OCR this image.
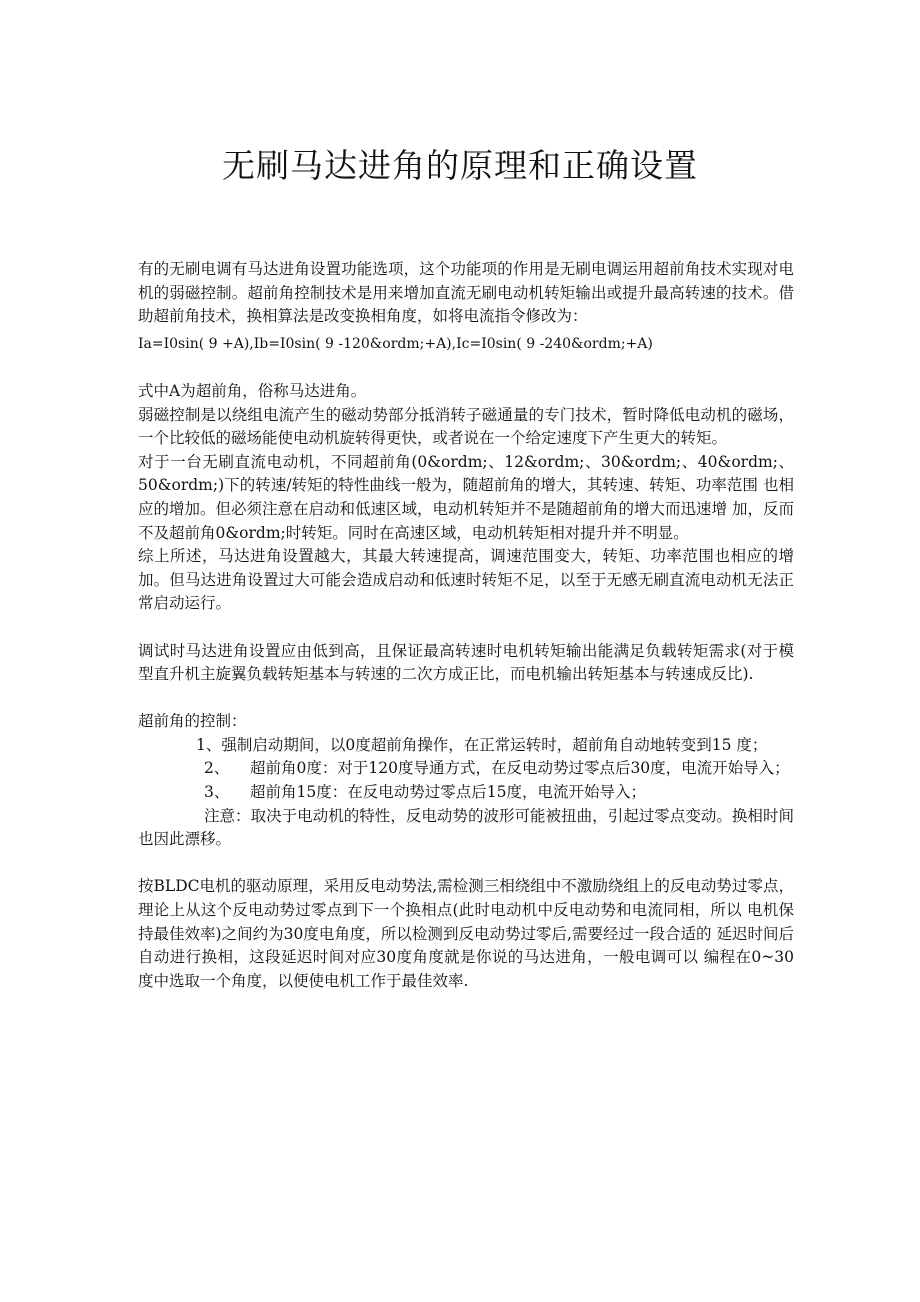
无刷马达进角的原理和正确设置

有的无刷电调有马达进角设置功能选项，这个功能项的作用是无刷电调运用超前角技术实现对电机的弱磁控制。超前角控制技术是用来增加直流无刷电动机转矩输出或提升最高转速的技术。借助超前角技术，换相算法是改变换相角度，如将电流指令修改为：

Ia=I0sin( 9 +A),Ib=I0sin( 9 -120&ordm;+A),Ic=I0sin( 9 -240&ordm;+A)

式中A为超前角，俗称马达进角。

弱磁控制是以绕组电流产生的磁动势部分抵消转子磁通量的专门技术，暂时降低电动机的磁场，一个比较低的磁场能使电动机旋转得更快，或者说在一个给定速度下产生更大的转矩。

对于一台无刷直流电动机，不同超前角(0&ordm;、12&ordm;、30&ordm;、40&ordm;、 50&ordm;)下的转速/转矩的特性曲线一般为，随超前角的增大，其转速、转矩、功率范围 也相应的增加。但必须注意在启动和低速区域，电动机转矩并不是随超前角的增大而迅速增 加，反而不及超前角0&ordm;时转矩。同时在高速区域，电动机转矩相对提升并不明显。

综上所述，马达进角设置越大，其最大转速提高，调速范围变大，转矩、功率范围也相应的增加。但马达进角设置过大可能会造成启动和低速时转矩不足，以至于无感无刷直流电动机无法正常启动运行。

调试时马达进角设置应由低到高，且保证最高转速时电机转矩输出能满足负载转矩需求(对于模型直升机主旋翼负载转矩基本与转速的二次方成正比，而电机输出转矩基本与转速成反比).

超前角的控制：

1、强制启动期间，以0度超前角操作，在正常运转时，超前角自动地转变到15 度；

2、 超前角0度：对于120度导通方式，在反电动势过零点后30度，电流开始导入；

3、 超前角15度：在反电动势过零点后15度，电流开始导入；

注意：取决于电动机的特性，反电动势的波形可能被扭曲，引起过零点变动。换相时间也因此漂移。

按BLDC电机的驱动原理，采用反电动势法,需检测三相绕组中不激励绕组上的反电动势过零点，理论上从这个反电动势过零点到下一个换相点(此时电动机中反电动势和电流同相，所以 电机保持最佳效率)之间约为30度电角度，所以检测到反电动势过零后,需要经过一段合适的 延迟时间后自动进行换相，这段延迟时间对应30度角度就是你说的马达进角，一般电调可以 编程在0~30度中选取一个角度，以便使电机工作于最佳效率.
